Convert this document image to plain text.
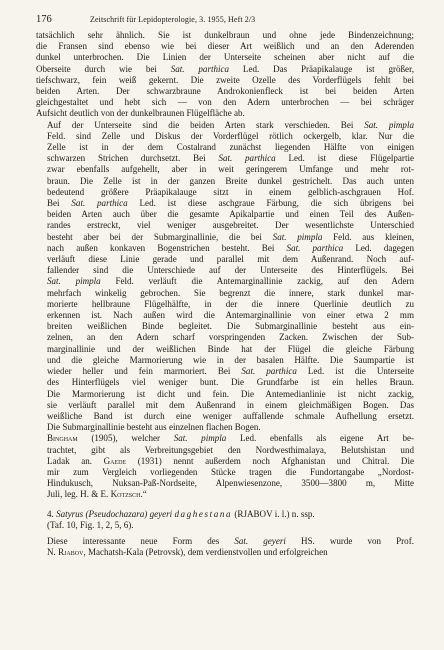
176	Zeitschrift für Lepidopterologie, 3. 1955, Heft 2/3
tatsächlich sehr ähnlich. Sie ist dunkelbraun und ohne jede Bindenzeichnung;
die Fransen sind ebenso wie bei dieser Art weißlich und an den Aderenden
dunkel unterbrochen. Die Linien der Unterseite scheinen aber nicht auf die
Oberseite durch wie bei Sat. parthica Led. Das Präapikalauge ist größer,
tiefschwarz, fein weiß gekernt. Die zweite Ozelle des Vorderflügels fehlt bei
beiden Arten. Der schwarzbraune Androkonienfleck ist bei beiden Arten
gleichgestaltet und hebt sich — von den Adern unterbrochen — bei schräger
Aufsicht deutlich von der dunkelbraunen Flügelfläche ab.
Auf der Unterseite sind die beiden Arten stark verschieden. Bei Sat. pimpla
Feld. sind Zelle und Diskus der Vorderflügel rötlich ockergelb, klar. Nur die
Zelle ist in der dem Costalrand zunächst liegenden Hälfte von einigen
schwarzen Strichen durchsetzt. Bei Sat. parthica Led. ist diese Flügelpartie
zwar ebenfalls aufgehellt, aber in weit geringerem Umfange und mehr rot-
braun. Die Zelle ist in der ganzen Breite dunkel gestrichelt. Das auch unten
bedeutend größere Präapikalauge sitzt in einem gelblich-aschgrauen Hof.
Bei Sat. parthica Led. ist diese aschgraue Färbung, die sich übrigens bei
beiden Arten auch über die gesamte Apikalpartie und einen Teil des Außen-
randes erstreckt, viel weniger ausgebreitet. Der wesentlichste Unterschied
besteht aber bei der Submarginallinie, die bei Sat. pimpla Feld. aus kleinen,
nach außen konkaven Bogenstrichen besteht. Bei Sat. parthica Led. dagegen
verläuft diese Linie gerade und parallel mit dem Außenrand. Noch auf-
fallender sind die Unterschiede auf der Unterseite des Hinterflügels. Bei
Sat. pimpla Feld. verläuft die Antemarginallinie zackig, auf den Adern
mehrfach winkelig gebrochen. Sie begrenzt die innere, stark dunkel mar-
morierte hellbraune Flügelhälfte, in der die innere Querlinie deutlich zu
erkennen ist. Nach außen wird die Antemarginallinie von einer etwa 2 mm
breiten weißlichen Binde begleitet. Die Submarginallinie besteht aus ein-
zelnen, an den Adern scharf vorspringenden Zacken. Zwischen der Sub-
marginallinie und der weißlichen Binde hat der Flügel die gleiche Färbung
und die gleiche Marmorierung wie in der basalen Hälfte. Die Saumpartie ist
wieder heller und fein marmoriert. Bei Sat. parthica Led. ist die Unterseite
des Hinterflügels viel weniger bunt. Die Grundfarbe ist ein helles Braun.
Die Marmorierung ist dicht und fein. Die Antemedianlinie ist nicht zackig,
sie verläuft parallel mit dem Außenrand in einem gleichmäßigen Bogen. Das
weißliche Band ist durch eine weniger auffallende schmale Aufhellung ersetzt.
Die Submarginallinie besteht aus einzelnen flachen Bogen.
Bingham (1905), welcher Sat. pimpla Led. ebenfalls als eigene Art be-
trachtet, gibt als Verbreitungsgebiet den Nordwesthimalaya, Belutshistan und
Ladak an. Gaede (1931) nennt außerdem noch Afghanistan und Chitral. Die
mir zum Vergleich vorliegenden Stücke tragen die Fundortangabe „Nordost-
Hindukusch, Nuksan-Paß-Nordseite, Alpenwiesenzone, 3500—3800 m, Mitte
Juli, leg. H. & E. Kotzsch.“
4. Satyrus (Pseudochazara) geyeri daghestana (RJABOV i. l.) n. ssp.
(Taf. 10, Fig. 1, 2, 5, 6).
Diese interessante neue Form des Sat. geyeri HS. wurde von Prof.
N. Rjabov, Machatsh-Kala (Petrovsk), dem verdienstvollen und erfolgreichen
